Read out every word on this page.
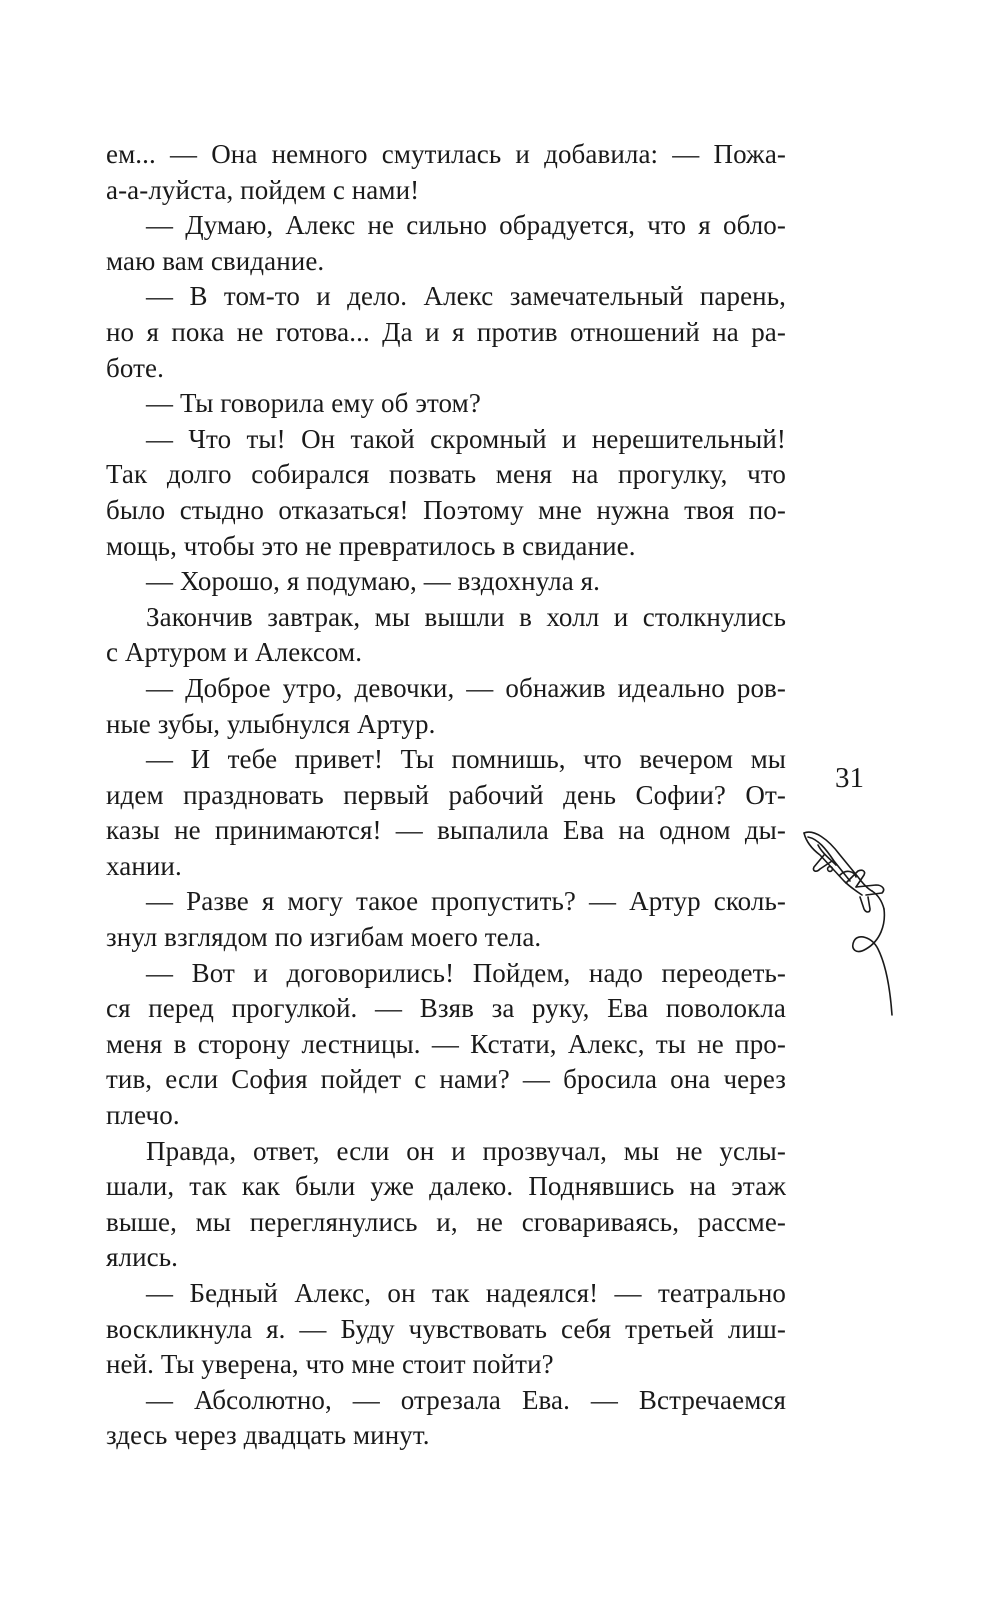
ем... — Она немного смутилась и добавила: — Пожа-
а-а-луйста, пойдем с нами!
— Думаю, Алекс не сильно обрадуется, что я обло-
маю вам свидание.
— В том-то и дело. Алекс замечательный парень,
но я пока не готова... Да и я против отношений на ра-
боте.
— Ты говорила ему об этом?
— Что ты! Он такой скромный и нерешительный!
Так долго собирался позвать меня на прогулку, что
было стыдно отказаться! Поэтому мне нужна твоя по-
мощь, чтобы это не превратилось в свидание.
— Хорошо, я подумаю, — вздохнула я.
Закончив завтрак, мы вышли в холл и столкнулись
с Артуром и Алексом.
— Доброе утро, девочки, — обнажив идеально ров-
ные зубы, улыбнулся Артур.
— И тебе привет! Ты помнишь, что вечером мы
идем праздновать первый рабочий день Софии? От-
казы не принимаются! — выпалила Ева на одном ды-
хании.
— Разве я могу такое пропустить? — Артур сколь-
знул взглядом по изгибам моего тела.
— Вот и договорились! Пойдем, надо переодеть-
ся перед прогулкой. — Взяв за руку, Ева поволокла
меня в сторону лестницы. — Кстати, Алекс, ты не про-
тив, если София пойдет с нами? — бросила она через
плечо.
Правда, ответ, если он и прозвучал, мы не услы-
шали, так как были уже далеко. Поднявшись на этаж
выше, мы переглянулись и, не сговариваясь, рассме-
ялись.
— Бедный Алекс, он так надеялся! — театрально
воскликнула я. — Буду чувствовать себя третьей лиш-
ней. Ты уверена, что мне стоит пойти?
— Абсолютно, — отрезала Ева. — Встречаемся
здесь через двадцать минут.
31
